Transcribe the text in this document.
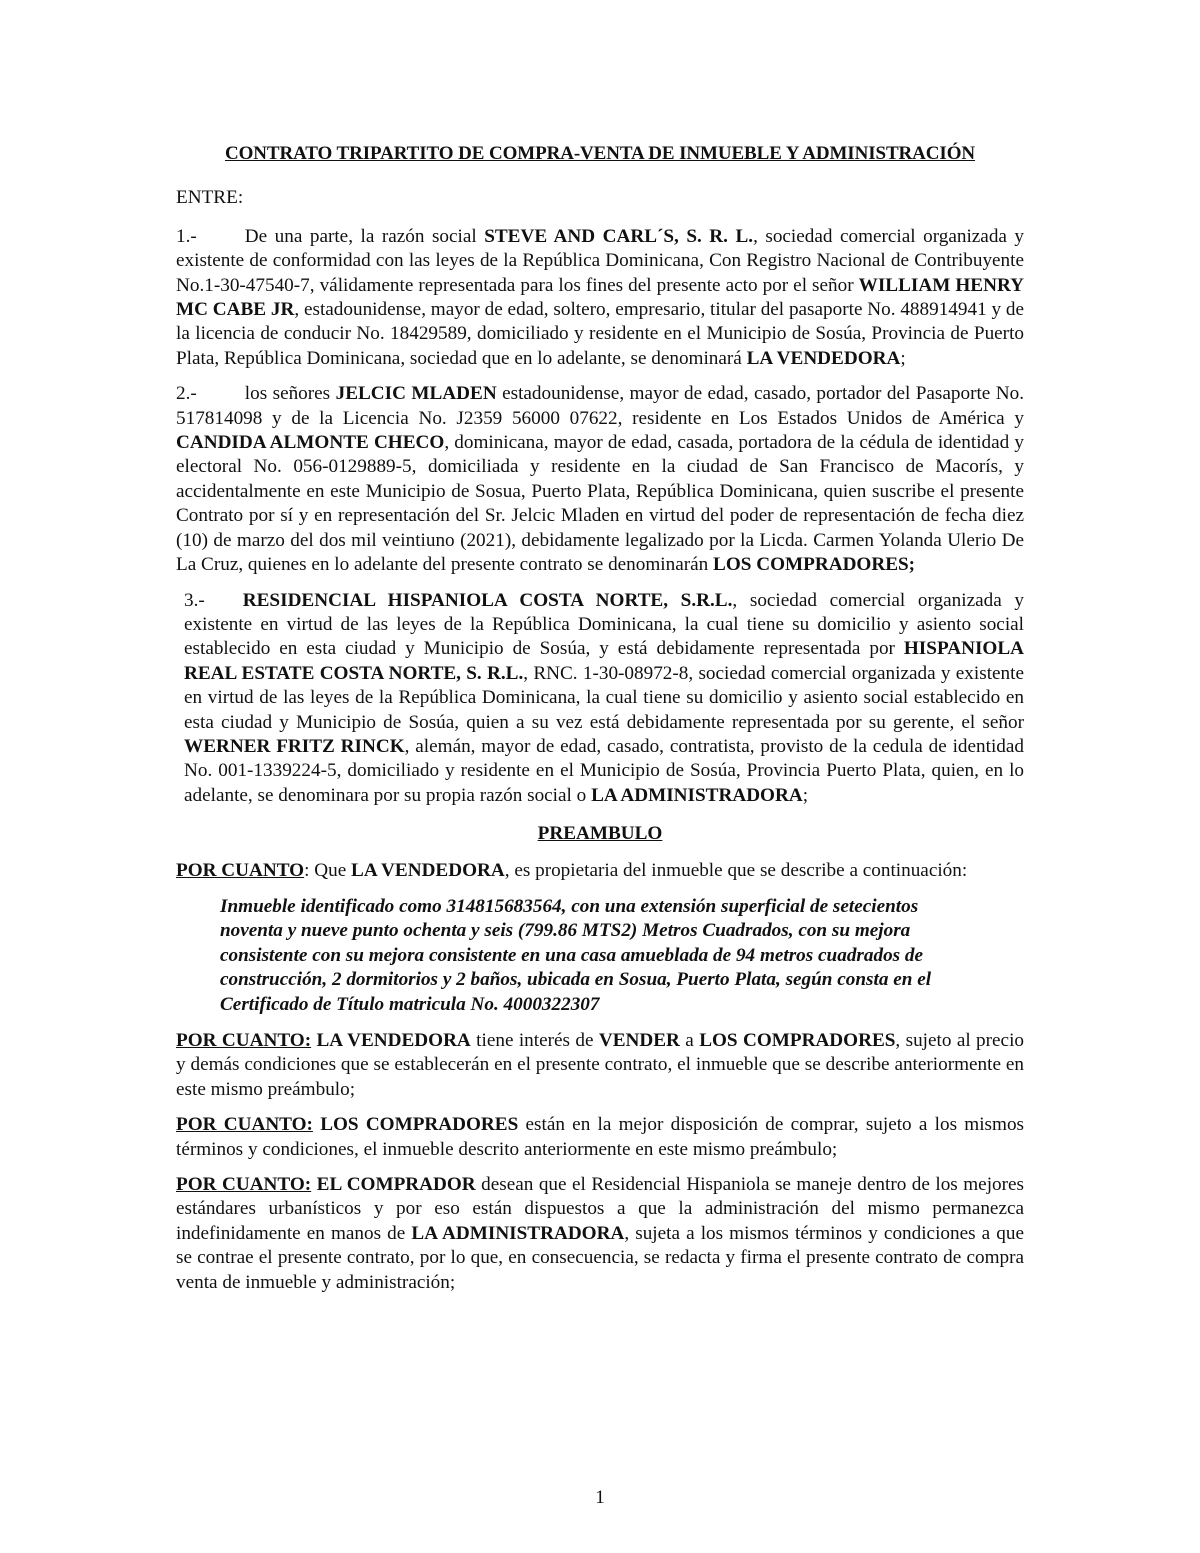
CONTRATO TRIPARTITO DE COMPRA-VENTA DE INMUEBLE Y ADMINISTRACIÓN
ENTRE:

1.-	De una parte, la razón social STEVE AND CARL´S, S. R. L., sociedad comercial organizada y existente de conformidad con las leyes de la República Dominicana, Con Registro Nacional de Contribuyente No.1-30-47540-7, válidamente representada para los fines del presente acto por el señor WILLIAM HENRY MC CABE JR, estadounidense, mayor de edad, soltero, empresario, titular del pasaporte No. 488914941 y de la licencia de conducir No. 18429589, domiciliado y residente en el Municipio de Sosúa, Provincia de Puerto Plata, República Dominicana, sociedad que en lo adelante, se denominará LA VENDEDORA;

2.-	los señores JELCIC MLADEN estadounidense, mayor de edad, casado, portador del Pasaporte No. 517814098 y de la Licencia No. J2359 56000 07622, residente en Los Estados Unidos de América y CANDIDA ALMONTE CHECO, dominicana, mayor de edad, casada, portadora de la cédula de identidad y electoral No. 056-0129889-5, domiciliada y residente en la ciudad de San Francisco de Macorís, y accidentalmente en este Municipio de Sosua, Puerto Plata, República Dominicana, quien suscribe el presente Contrato por sí y en representación del Sr. Jelcic Mladen en virtud del poder de representación de fecha diez (10) de marzo del dos mil veintiuno (2021), debidamente legalizado por la Licda. Carmen Yolanda Ulerio De La Cruz, quienes en lo adelante del presente contrato se denominarán LOS COMPRADORES;

3.- RESIDENCIAL HISPANIOLA COSTA NORTE, S.R.L., sociedad comercial organizada y existente en virtud de las leyes de la República Dominicana, la cual tiene su domicilio y asiento social establecido en esta ciudad y Municipio de Sosúa, y está debidamente representada por HISPANIOLA REAL ESTATE COSTA NORTE, S. R.L., RNC. 1-30-08972-8, sociedad comercial organizada y existente en virtud de las leyes de la República Dominicana, la cual tiene su domicilio y asiento social establecido en esta ciudad y Municipio de Sosúa, quien a su vez está debidamente representada por su gerente, el señor WERNER FRITZ RINCK, alemán, mayor de edad, casado, contratista, provisto de la cedula de identidad No. 001-1339224-5, domiciliado y residente en el Municipio de Sosúa, Provincia Puerto Plata, quien, en lo adelante, se denominara por su propia razón social o LA ADMINISTRADORA;

PREAMBULO

POR CUANTO: Que LA VENDEDORA, es propietaria del inmueble que se describe a continuación:

Inmueble identificado como 314815683564, con una extensión superficial de setecientos noventa y nueve punto ochenta y seis (799.86 MTS2) Metros Cuadrados, con su mejora consistente con su mejora consistente en una casa amueblada de 94 metros cuadrados de construcción, 2 dormitorios y 2 baños, ubicada en Sosua, Puerto Plata, según consta en el Certificado de Título matricula No. 4000322307

POR CUANTO: LA VENDEDORA tiene interés de VENDER a LOS COMPRADORES, sujeto al precio y demás condiciones que se establecerán en el presente contrato, el inmueble que se describe anteriormente en este mismo preámbulo;

POR CUANTO: LOS COMPRADORES están en la mejor disposición de comprar, sujeto a los mismos términos y condiciones, el inmueble descrito anteriormente en este mismo preámbulo;

POR CUANTO: EL COMPRADOR desean que el Residencial Hispaniola se maneje dentro de los mejores estándares urbanísticos y por eso están dispuestos a que la administración del mismo permanezca indefinidamente en manos de LA ADMINISTRADORA, sujeta a los mismos términos y condiciones a que se contrae el presente contrato, por lo que, en consecuencia, se redacta y firma el presente contrato de compra venta de inmueble y administración;

1
